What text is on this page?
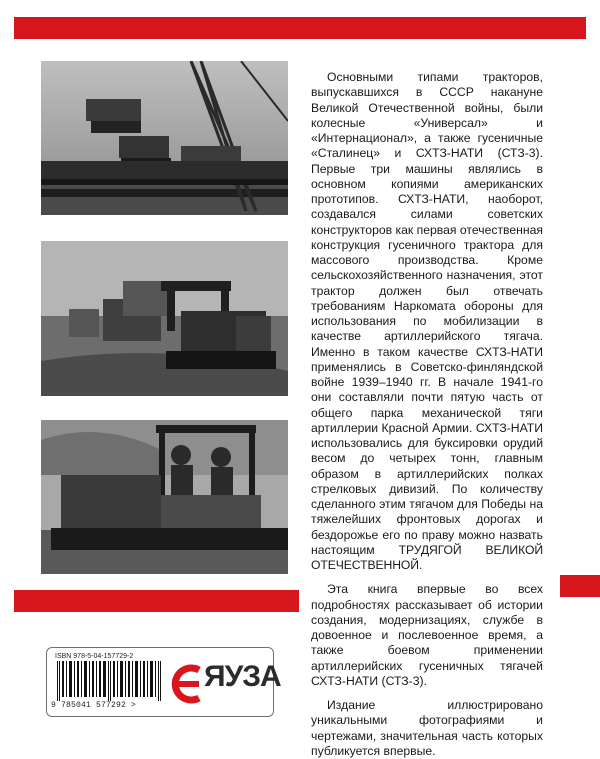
Основными типами тракторов, выпускавшихся в СССР накануне Великой Отечественной войны, были колесные «Универсал» и «Интернационал», а также гусеничные «Сталинец» и СХТЗ-НАТИ (СТЗ-3). Первые три машины являлись в основном копиями американских прототипов. СХТЗ-НАТИ, наоборот, создавался силами советских конструкторов как первая отечественная конструкция гусеничного трактора для массового производства. Кроме сельскохозяйственного назначения, этот трактор должен был отвечать требованиям Наркомата обороны для использования по мобилизации в качестве артиллерийского тягача. Именно в таком качестве СХТЗ-НАТИ применялись в Советско-финляндской войне 1939–1940 гг. В начале 1941-го они составляли почти пятую часть от общего парка механической тяги артиллерии Красной Армии. СХТЗ-НАТИ использовались для буксировки орудий весом до четырех тонн, главным образом в артиллерийских полках стрелковых дивизий. По количеству сделанного этим тягачом для Победы на тяжелейших фронтовых дорогах и бездорожье его по праву можно назвать настоящим ТРУДЯГОЙ ВЕЛИКОЙ ОТЕЧЕСТВЕННОЙ.

Эта книга впервые во всех подробностях рассказывает об истории создания, модернизациях, службе в довоенное и послевоенное время, а также боевом применении артиллерийских гусеничных тягачей СХТЗ-НАТИ (СТЗ-3).

Издание иллюстрировано уникальными фотографиями и чертежами, значительная часть которых публикуется впервые.

ISBN 978-5-04-157729-2
9 785041 577292 >
ЯУЗА
